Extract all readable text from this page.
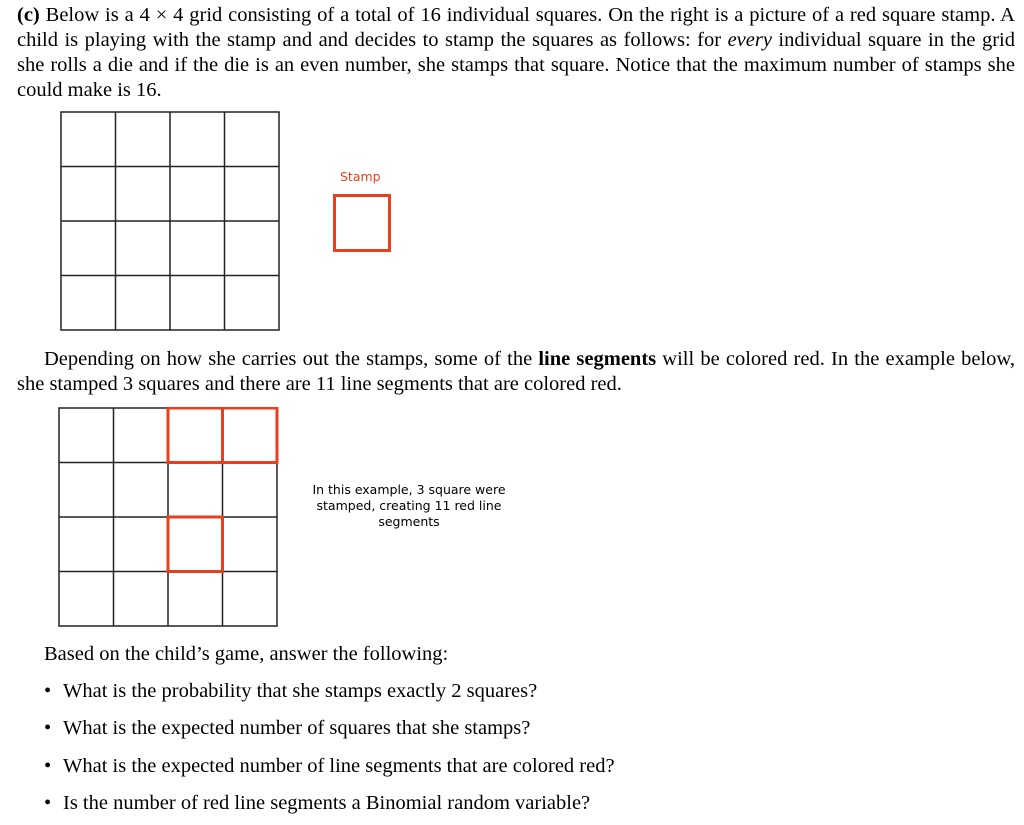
(c) Below is a 4 × 4 grid consisting of a total of 16 individual squares. On the right is a picture of a red square stamp. A child is playing with the stamp and and decides to stamp the squares as follows: for every individual square in the grid she rolls a die and if the die is an even number, she stamps that square. Notice that the maximum number of stamps she could make is 16.
Stamp
Depending on how she carries out the stamps, some of the line segments will be colored red. In the example below, she stamped 3 squares and there are 11 line segments that are colored red.
In this example, 3 square were stamped, creating 11 red line segments
Based on the child’s game, answer the following:
• What is the probability that she stamps exactly 2 squares?
• What is the expected number of squares that she stamps?
• What is the expected number of line segments that are colored red?
• Is the number of red line segments a Binomial random variable?
